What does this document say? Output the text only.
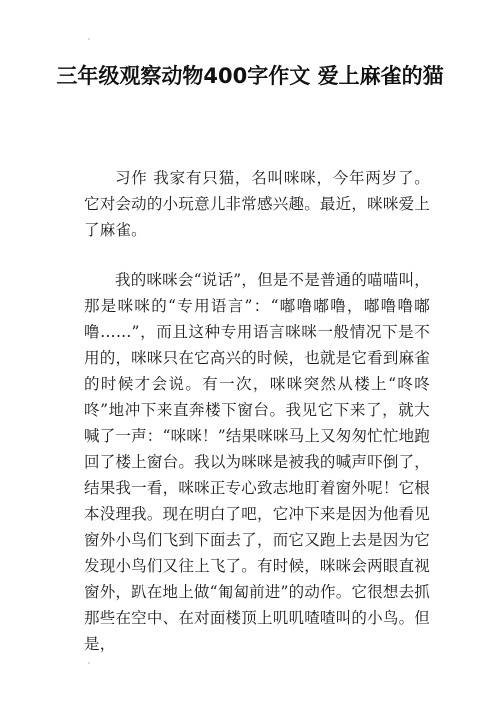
三年级观察动物400字作文 爱上麻雀的猫

习作 我家有只猫，名叫咪咪，今年两岁了。它对会动的小玩意儿非常感兴趣。最近，咪咪爱上了麻雀。

我的咪咪会“说话”，但是不是普通的喵喵叫，那是咪咪的“专用语言”：“嘟噜嘟噜，嘟噜噜嘟噜……”，而且这种专用语言咪咪一般情况下是不用的，咪咪只在它高兴的时候，也就是它看到麻雀的时候才会说。有一次，咪咪突然从楼上“咚咚咚”地冲下来直奔楼下窗台。我见它下来了，就大喊了一声：“咪咪！”结果咪咪马上又匆匆忙忙地跑回了楼上窗台。我以为咪咪是被我的喊声吓倒了，结果我一看，咪咪正专心致志地盯着窗外呢！它根本没理我。现在明白了吧，它冲下来是因为他看见窗外小鸟们飞到下面去了，而它又跑上去是因为它发现小鸟们又往上飞了。有时候，咪咪会两眼直视窗外，趴在地上做“匍匐前进”的动作。它很想去抓那些在空中、在对面楼顶上叽叽喳喳叫的小鸟。但是，
